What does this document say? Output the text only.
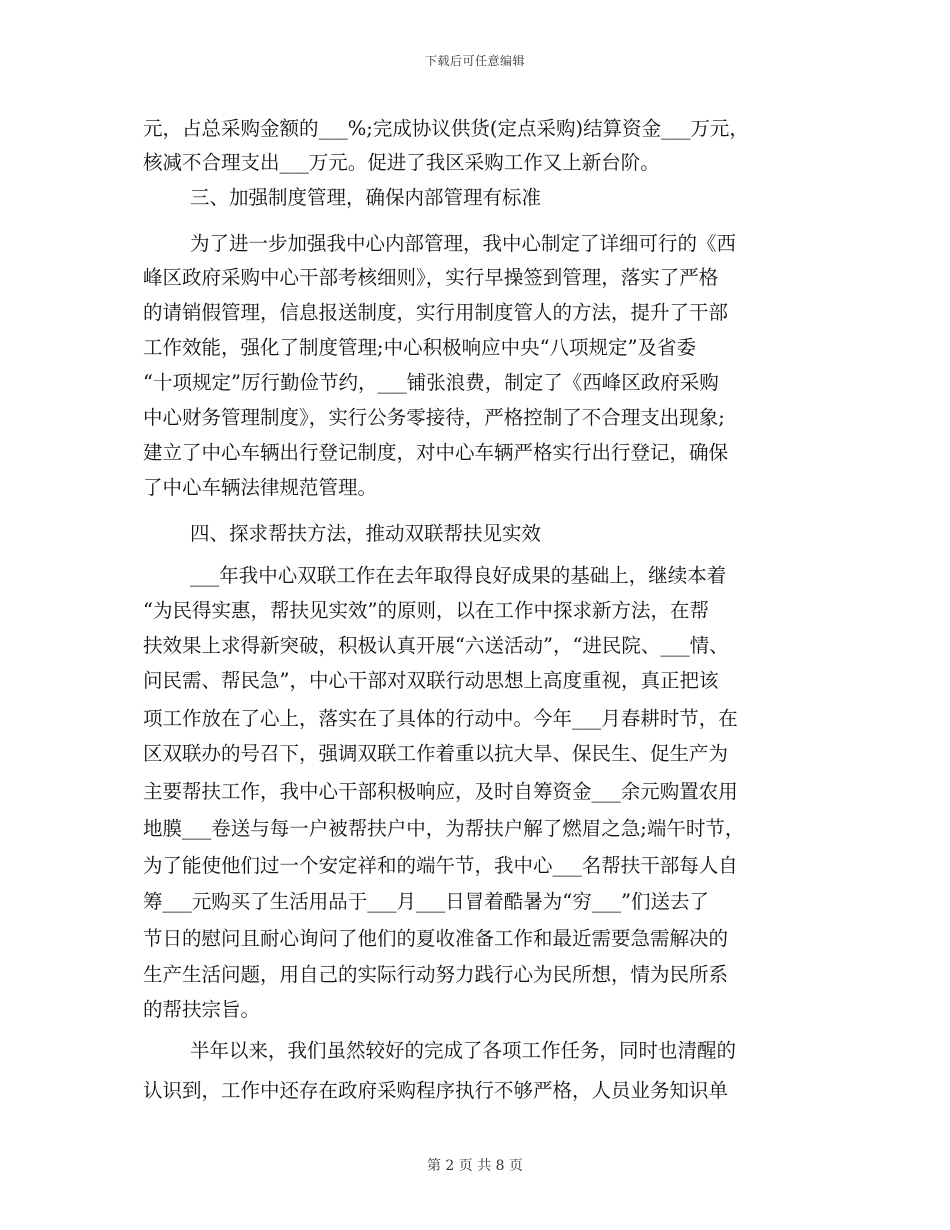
下载后可任意编辑
元，占总采购金额的___%;完成协议供货(定点采购)结算资金___万元，
核减不合理支出___万元。促进了我区采购工作又上新台阶。
三、加强制度管理，确保内部管理有标准
为了进一步加强我中心内部管理，我中心制定了详细可行的《西
峰区政府采购中心干部考核细则》，实行早操签到管理，落实了严格
的请销假管理，信息报送制度，实行用制度管人的方法，提升了干部
工作效能，强化了制度管理;中心积极响应中央“八项规定”及省委
“十项规定”厉行勤俭节约，___铺张浪费，制定了《西峰区政府采购
中心财务管理制度》，实行公务零接待，严格控制了不合理支出现象;
建立了中心车辆出行登记制度，对中心车辆严格实行出行登记，确保
了中心车辆法律规范管理。
四、探求帮扶方法，推动双联帮扶见实效
___年我中心双联工作在去年取得良好成果的基础上，继续本着
“为民得实惠，帮扶见实效”的原则，以在工作中探求新方法，在帮
扶效果上求得新突破，积极认真开展“六送活动”，“进民院、___情、
问民需、帮民急”，中心干部对双联行动思想上高度重视，真正把该
项工作放在了心上，落实在了具体的行动中。今年___月春耕时节，在
区双联办的号召下，强调双联工作着重以抗大旱、保民生、促生产为
主要帮扶工作，我中心干部积极响应，及时自筹资金___余元购置农用
地膜___卷送与每一户被帮扶户中，为帮扶户解了燃眉之急;端午时节，
为了能使他们过一个安定祥和的端午节，我中心___名帮扶干部每人自
筹___元购买了生活用品于___月___日冒着酷暑为“穷___”们送去了
节日的慰问且耐心询问了他们的夏收准备工作和最近需要急需解决的
生产生活问题，用自己的实际行动努力践行心为民所想，情为民所系
的帮扶宗旨。
半年以来，我们虽然较好的完成了各项工作任务，同时也清醒的
认识到，工作中还存在政府采购程序执行不够严格，人员业务知识单
第 2 页 共 8 页
